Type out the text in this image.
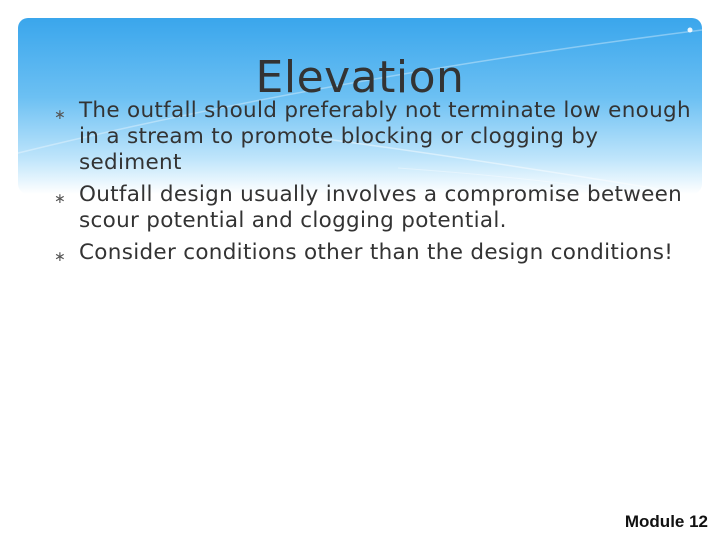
Elevation
∗ The outfall should preferably not terminate low enough in a stream to promote blocking or clogging by sediment
∗ Outfall design usually involves a compromise between scour potential and clogging potential.
∗ Consider conditions other than the design conditions!
Module 12
